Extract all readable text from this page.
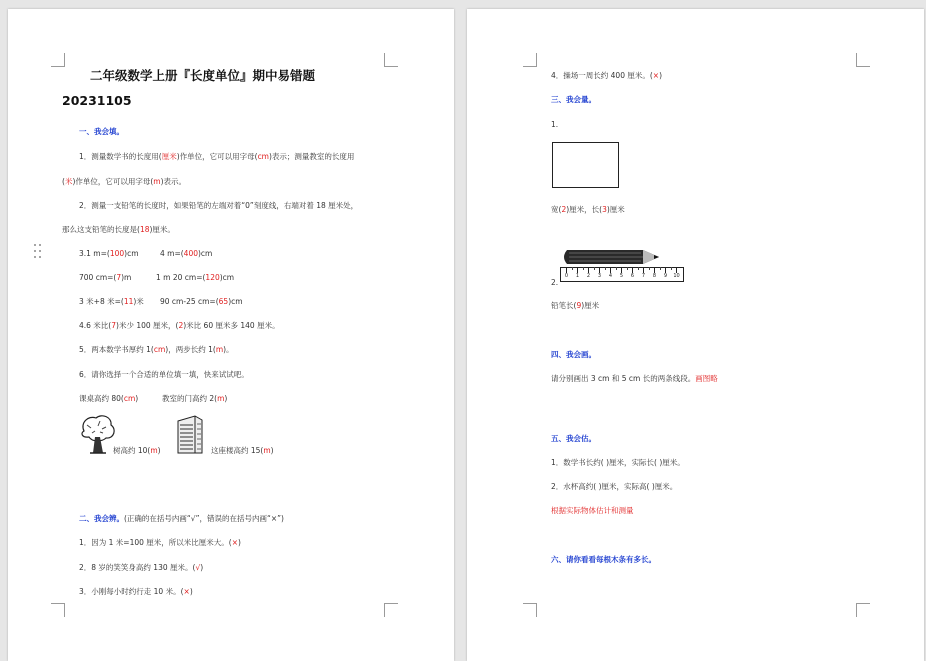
二年级数学上册『长度单位』期中易错题
20231105
一、我会填。
1．测量数学书的长度用(厘米)作单位，它可以用字母(cm)表示；测量教室的长度用
(米)作单位，它可以用字母(m)表示。
2．测量一支铅笔的长度时，如果铅笔的左端对着“0”刻度线，右端对着 18 厘米处，
那么这支铅笔的长度是(18)厘米。
3.1 m=(100)cm	4 m=(400)cm
700 cm=(7)m	1 m 20 cm=(120)cm
3 米+8 米=(11)米 90 cm-25 cm=(65)cm
4.6 米比(7)米少 100 厘米，(2)米比 60 厘米多 140 厘米。
5．两本数学书厚约 1(cm)，两步长约 1(m)。
6．请你选择一个合适的单位填一填，快来试试吧。
课桌高约 80(cm)	教室的门高约 2(m)
树高约 10(m)	这座楼高约 15(m)
二、我会辨。(正确的在括号内画“√”，错误的在括号内画“×”)
1．因为 1 米=100 厘米，所以米比厘米大。(×)
2．8 岁的笑笑身高约 130 厘米。(√)
3．小刚每小时约行走 10 米。(×)
4．操场一周长约 400 厘米。(×)
三、我会量。
1.
宽(2)厘米，长(3)厘米
0	1	2	3	4	5	6	7	8	9	10
2.
铅笔长(9)厘米
四、我会画。
请分别画出 3 cm 和 5 cm 长的两条线段。画图略
五、我会估。
1．数学书长约( )厘米，实际长( )厘米。
2．水杯高约( )厘米，实际高( )厘米。
根据实际物体估计和测量
六、请你看看每根木条有多长。
